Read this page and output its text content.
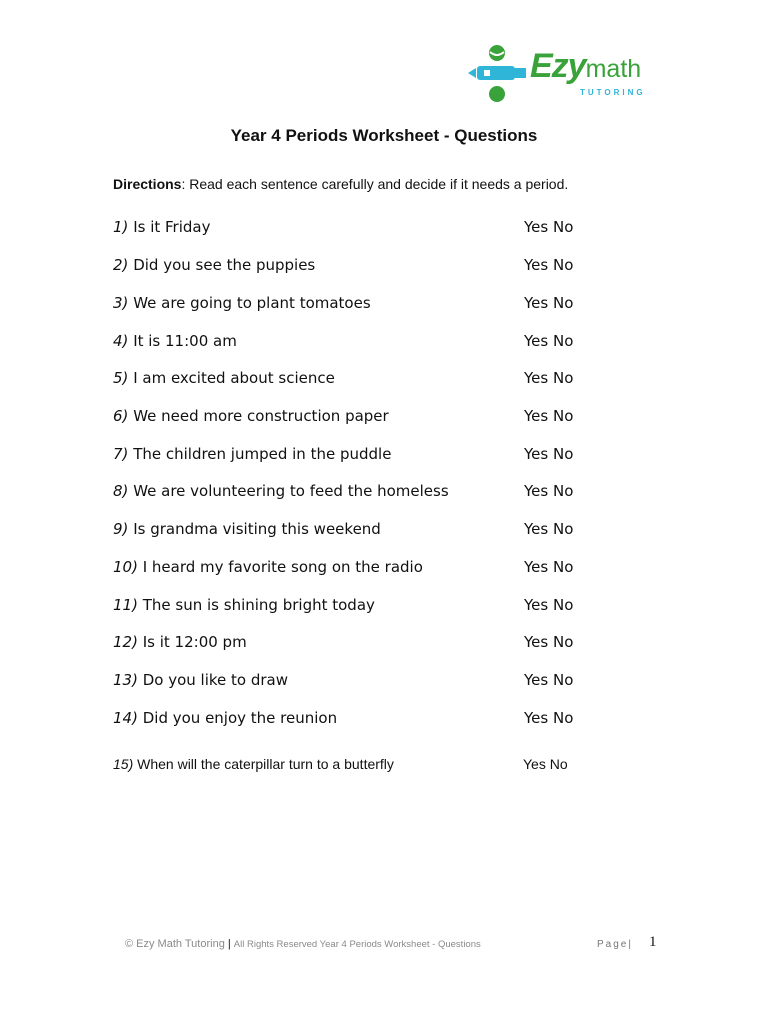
Ezymath
TUTORING
Year 4 Periods Worksheet - Questions
Directions: Read each sentence carefully and decide if it needs a period.
1) Is it Friday	Yes No
2) Did you see the puppies	Yes No
3) We are going to plant tomatoes	Yes No
4) It is 11:00 am	Yes No
5) I am excited about science	Yes No
6) We need more construction paper	Yes No
7) The children jumped in the puddle	Yes No
8) We are volunteering to feed the homeless	Yes No
9) Is grandma visiting this weekend	Yes No
10) I heard my favorite song on the radio	Yes No
11) The sun is shining bright today	Yes No
12) Is it 12:00 pm	Yes No
13) Do you like to draw	Yes No
14) Did you enjoy the reunion	Yes No
15) When will the caterpillar turn to a butterfly	Yes No
© Ezy Math Tutoring | All Rights Reserved Year 4 Periods Worksheet - Questions	Page| 1
